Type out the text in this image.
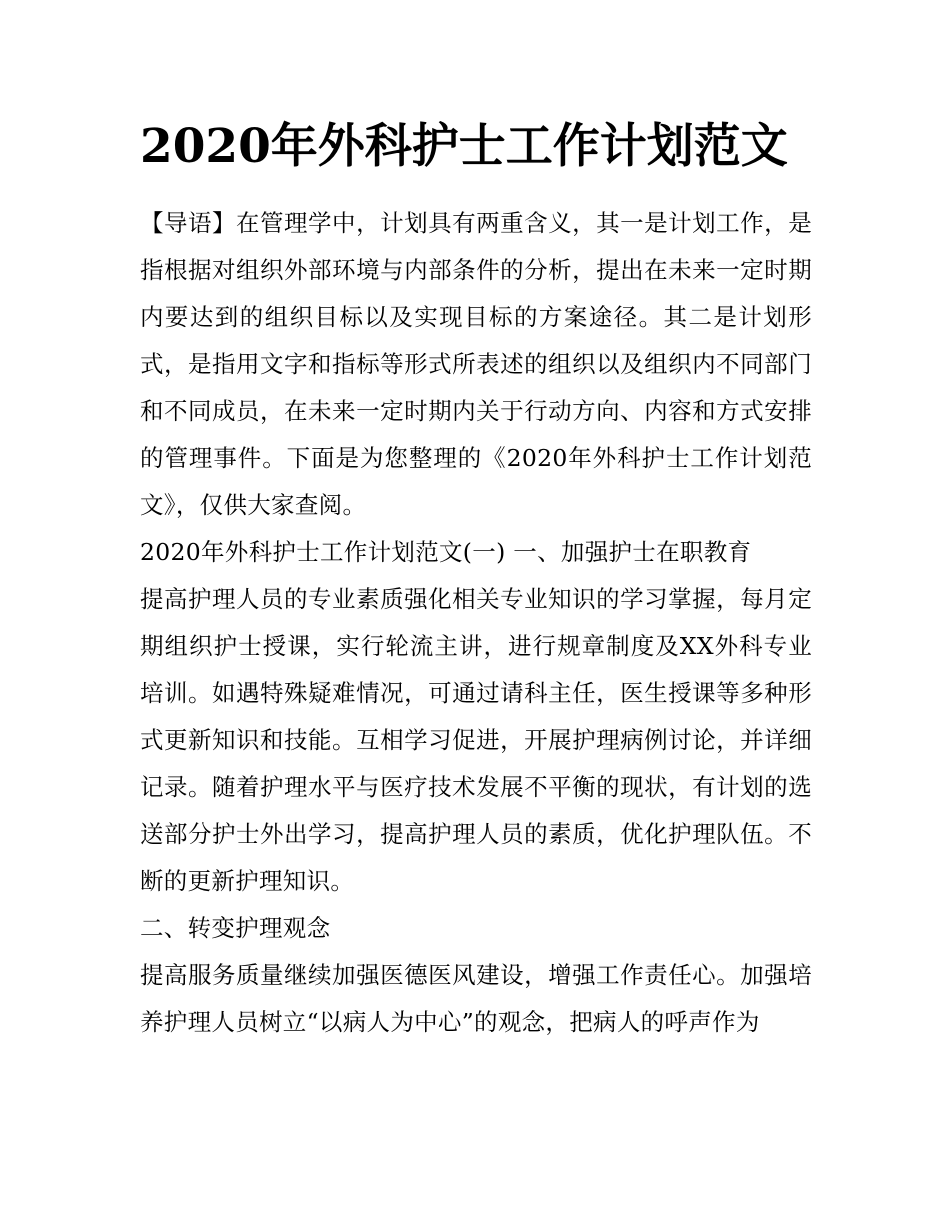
2020年外科护士工作计划范文

【导语】在管理学中，计划具有两重含义，其一是计划工作，是指根据对组织外部环境与内部条件的分析，提出在未来一定时期内要达到的组织目标以及实现目标的方案途径。其二是计划形式，是指用文字和指标等形式所表述的组织以及组织内不同部门和不同成员，在未来一定时期内关于行动方向、内容和方式安排的管理事件。下面是为您整理的《2020年外科护士工作计划范文》，仅供大家查阅。

2020年外科护士工作计划范文(一) 一、加强护士在职教育

提高护理人员的专业素质强化相关专业知识的学习掌握，每月定期组织护士授课，实行轮流主讲，进行规章制度及XX外科专业培训。如遇特殊疑难情况，可通过请科主任，医生授课等多种形式更新知识和技能。互相学习促进，开展护理病例讨论，并详细记录。随着护理水平与医疗技术发展不平衡的现状，有计划的选送部分护士外出学习，提高护理人员的素质，优化护理队伍。不断的更新护理知识。

二、转变护理观念

提高服务质量继续加强医德医风建设，增强工作责任心。加强培养护理人员树立“以病人为中心”的观念，把病人的呼声作为
